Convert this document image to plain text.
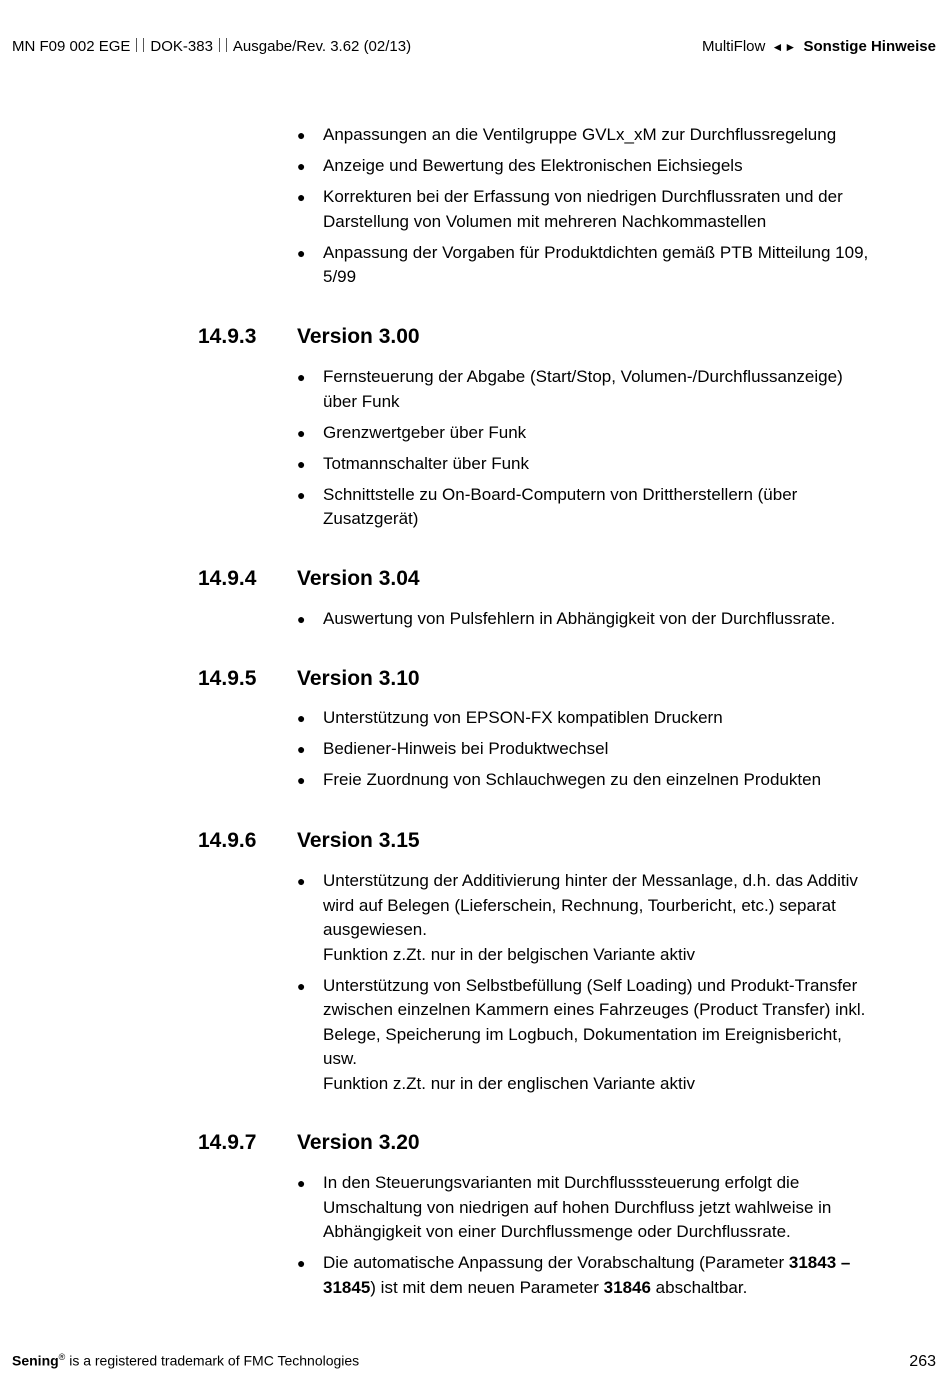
MN F09 002 EGE DOK-383 Ausgabe/Rev. 3.62 (02/13)	MultiFlow ◄► Sonstige Hinweise
● Anpassungen an die Ventilgruppe GVLx_xM zur Durchflussregelung
● Anzeige und Bewertung des Elektronischen Eichsiegels
● Korrekturen bei der Erfassung von niedrigen Durchflussraten und der Darstellung von Volumen mit mehreren Nachkommastellen
● Anpassung der Vorgaben für Produktdichten gemäß PTB Mitteilung 109, 5/99
14.9.3 Version 3.00
● Fernsteuerung der Abgabe (Start/Stop, Volumen-/Durchflussanzeige) über Funk
● Grenzwertgeber über Funk
● Totmannschalter über Funk
● Schnittstelle zu On-Board-Computern von Drittherstellern (über Zusatzgerät)
14.9.4 Version 3.04
● Auswertung von Pulsfehlern in Abhängigkeit von der Durchflussrate.
14.9.5 Version 3.10
● Unterstützung von EPSON-FX kompatiblen Druckern
● Bediener-Hinweis bei Produktwechsel
● Freie Zuordnung von Schlauchwegen zu den einzelnen Produkten
14.9.6 Version 3.15
● Unterstützung der Additivierung hinter der Messanlage, d.h. das Additiv wird auf Belegen (Lieferschein, Rechnung, Tourbericht, etc.) separat ausgewiesen.
Funktion z.Zt. nur in der belgischen Variante aktiv
● Unterstützung von Selbstbefüllung (Self Loading) und Produkt-Transfer zwischen einzelnen Kammern eines Fahrzeuges (Product Transfer) inkl. Belege, Speicherung im Logbuch, Dokumentation im Ereignisbericht, usw.
Funktion z.Zt. nur in der englischen Variante aktiv
14.9.7 Version 3.20
● In den Steuerungsvarianten mit Durchflusssteuerung erfolgt die Umschaltung von niedrigen auf hohen Durchfluss jetzt wahlweise in Abhängigkeit von einer Durchflussmenge oder Durchflussrate.
● Die automatische Anpassung der Vorabschaltung (Parameter 31843 – 31845) ist mit dem neuen Parameter 31846 abschaltbar.
Sening® is a registered trademark of FMC Technologies	263
